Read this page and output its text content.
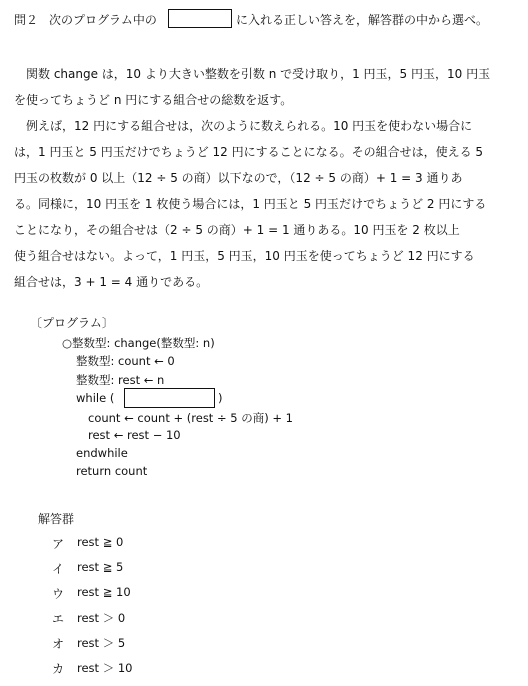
問２ 次のプログラム中の	に入れる正しい答えを，解答群の中から選べ。
　関数 change は，10 より大きい整数を引数 n で受け取り，1 円玉，5 円玉，10 円玉
を使ってちょうど n 円にする組合せの総数を返す。
　例えば，12 円にする組合せは，次のように数えられる。10 円玉を使わない場合に
は，1 円玉と 5 円玉だけでちょうど 12 円にすることになる。その組合せは，使える 5
円玉の枚数が 0 以上（12 ÷ 5 の商）以下なので，（12 ÷ 5 の商）+ 1 = 3 通りあ
る。同様に，10 円玉を 1 枚使う場合には，1 円玉と 5 円玉だけでちょうど 2 円にする
ことになり，その組合せは（2 ÷ 5 の商）+ 1 = 1 通りある。10 円玉を 2 枚以上
使う組合せはない。よって，1 円玉，5 円玉，10 円玉を使ってちょうど 12 円にする
組合せは，3 + 1 = 4 通りである。
〔プログラム〕
○整数型: change(整数型: n)
整数型: count ← 0
整数型: rest ← n
while (	)
count ← count + (rest ÷ 5 の商) + 1
rest ← rest − 10
endwhile
return count
解答群
ア rest ≧ 0
イ rest ≧ 5
ウ rest ≧ 10
エ rest ＞ 0
オ rest ＞ 5
カ rest ＞ 10
